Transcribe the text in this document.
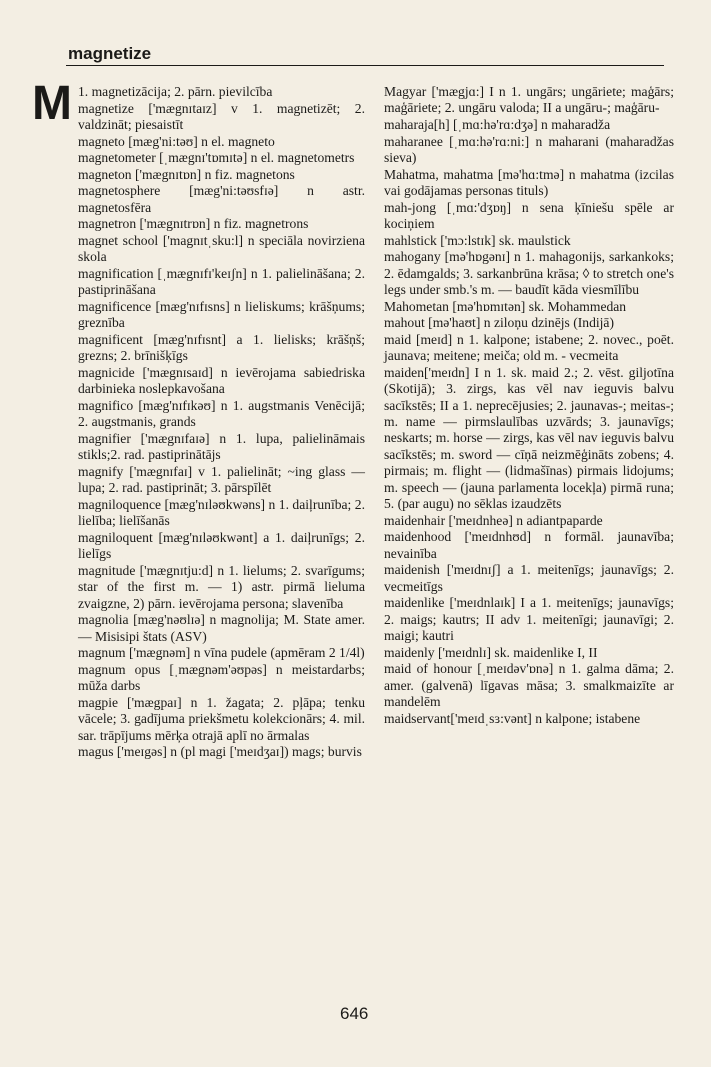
magnetize
M 1. magnetizācija; 2. pārn. pievilcība
magnetize ['mægnɪtaɪz] v 1. magnetizēt; 2. valdzināt; piesaistīt
magneto [mæg'ni:təʊ] n el. magneto
magnetometer [ˌmægnɪ'tɒmɪtə] n el. magnetometrs
magneton ['mægnɪtɒn] n fiz. magnetons
magnetosphere [mæg'ni:təʊsfɪə] n astr. magnetosfēra
magnetron ['mægnɪtrɒn] n fiz. magnetrons
magnet school ['magnɪtˌsku:l] n speciāla novirziena skola
magnification [ˌmægnɪfɪ'keɪʃn] n 1. palielināšana; 2. pastiprināšana
magnificence [mæg'nɪfɪsns] n lieliskums; krāšņums; greznība
magnificent [mæg'nɪfɪsnt] a 1. lielisks; krāšņš; grezns; 2. brīnišķīgs
magnicide ['mægnɪsaɪd] n ievērojama sabiedriska darbinieka noslepkavošana
magnifico [mæg'nɪfɪkəʊ] n 1. augstmanis Venēcijā; 2. augstmanis, grands
magnifier ['mægnɪfaɪə] n 1. lupa, palielināmais stikls;2. rad. pastiprinātājs
magnify ['mægnɪfaɪ] v 1. palielināt; ~ing glass — lupa; 2. rad. pastiprināt; 3. pārspīlēt
magniloquence [mæg'nɪləʊkwəns] n 1. daiļrunība; 2. lielība; lielīšanās
magniloquent [mæg'nɪləʊkwənt] a 1. daiļrunīgs; 2. lielīgs
magnitude ['mægnɪtju:d] n 1. lielums; 2. svarīgums; star of the first m. — 1) astr. pirmā lieluma zvaigzne, 2) pārn. ievērojama persona; slavenība
magnolia [mæg'nəʊlɪə] n magnolija; M. State amer. — Misisipi štats (ASV)
magnum ['mægnəm] n vīna pudele (apmēram 2 1/4l)
magnum opus [ˌmægnəm'əʊpəs] n meistardarbs; mūža darbs
magpie ['mægpaɪ] n 1. žagata; 2. pļāpa; tenku vācele; 3. gadījuma priekšmetu kolekcionārs; 4. mil. sar. trāpījums mērķa otrajā aplī no ārmalas
magus ['meɪgəs] n (pl magi ['meɪdʒaɪ]) mags; burvis
Magyar ['mægjɑ:] I n 1. ungārs; ungāriete; maģārs; maģāriete; 2. ungāru valoda; II a ungāru-; maģāru-
maharaja[h] [ˌmɑ:hə'rɑ:dʒə] n maharadža
maharanee [ˌmɑ:hə'rɑ:ni:] n maharani (maharadžas sieva)
Mahatma, mahatma [mə'hɑ:tmə] n mahatma (izcilas vai godājamas personas tituls)
mah-jong [ˌmɑ:'dʒɒŋ] n sena ķīniešu spēle ar kociņiem
mahlstick ['mɔ:lstɪk] sk. maulstick
mahogany [mə'hɒgənɪ] n 1. mahagonijs, sarkankoks; 2. ēdamgalds; 3. sarkanbrūna krāsa; ◊ to stretch one's legs under smb.'s m. — baudīt kāda viesmīlību
Mahometan [mə'hɒmɪtən] sk. Mohammedan
mahout [mə'haʊt] n ziloņu dzinējs (Indijā)
maid [meɪd] n 1. kalpone; istabene; 2. novec., poēt. jaunava; meitene; meiča; old m. - vecmeita
maiden['meɪdn] I n 1. sk. maid 2.; 2. vēst. giljotīna (Skotijā); 3. zirgs, kas vēl nav ieguvis balvu sacīkstēs; II a 1. neprecējusies; 2. jaunavas-; meitas-; m. name — pirmslaulības uzvārds; 3. jaunavīgs; neskarts; m. horse — zirgs, kas vēl nav ieguvis balvu sacīkstēs; m. sword — cīņā neizmēģināts zobens; 4. pirmais; m. flight — (lidmašīnas) pirmais lidojums; m. speech — (jauna parlamenta locekļa) pirmā runa; 5. (par augu) no sēklas izaudzēts
maidenhair ['meɪdnheə] n adiantpaparde
maidenhood ['meɪdnhʊd] n formāl. jaunavība; nevainība
maidenish ['meɪdnɪʃ] a 1. meitenīgs; jaunavīgs; 2. vecmeitīgs
maidenlike ['meɪdnlaɪk] I a 1. meitenīgs; jaunavīgs; 2. maigs; kautrs; II adv 1. meitenīgi; jaunavīgi; 2. maigi; kautri
maidenly ['meɪdnlɪ] sk. maidenlike I, II
maid of honour [ˌmeɪdəv'ɒnə] n 1. galma dāma; 2. amer. (galvenā) līgavas māsa; 3. smalkmaizīte ar mandelēm
maidservant['meɪdˌsɜ:vənt] n kalpone; istabene
646
